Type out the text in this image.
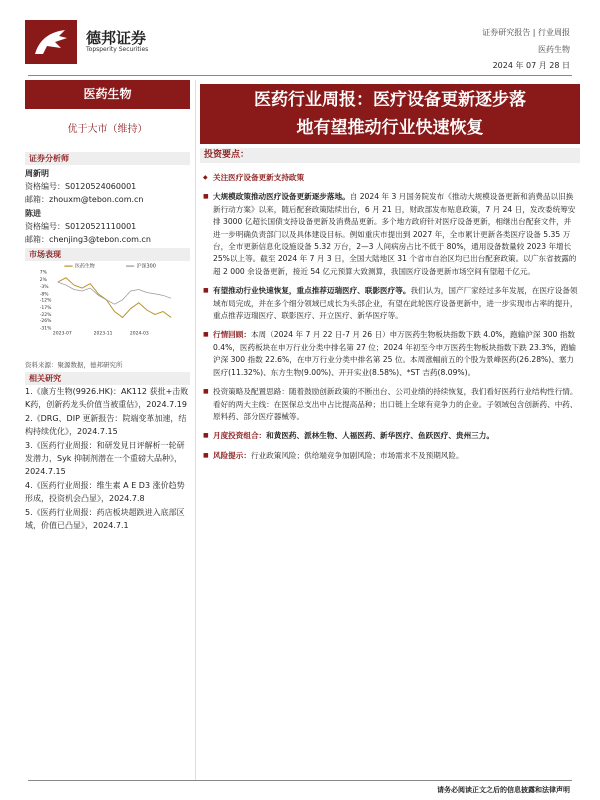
德邦证券
Topsperity Securities
证券研究报告 | 行业周报
医药生物
2024 年 07 月 28 日
医药生物
优于大市（维持）
证券分析师
周新明
资格编号：S0120524060001
邮箱：zhouxm@tebon.com.cn
陈进
资格编号：S0120521110001
邮箱：chenjing3@tebon.com.cn
市场表现
7%
2%
-3%
-8%
-12%
-17%
-22%
-26%
-31%
2023-07	2023-11	2024-03
医药生物	沪深300
资料来源：聚源数据，德邦研究所
相关研究
1.《康方生物(9926.HK)：AK112 获批+击败K药，创新药龙头价值当被重估》，2024.7.19
2.《DRG、DIP 更新报告：院端变革加速，结构持续优化》，2024.7.15
3.《医药行业周报：和研发見日评解析一轮研发潜力，Syk 抑制剂潜在一个重磅大品种》，2024.7.15
4.《医药行业周报：维生素 A E D3 涨价趋势形成，投资机会凸显》，2024.7.8
5.《医药行业周报：药店板块超跌进入底部区域，价值已凸显》，2024.7.1
医药行业周报：医疗设备更新逐步落
地有望推动行业快速恢复
投资要点：
◆ 关注医疗设备更新支持政策
■ 大规模政策推动医疗设备更新逐步落地。自 2024 年 3 月国务院发布《推动大规模设备更新和消费品以旧换新行动方案》以来，随后配套政策陆续出台，6 月 21 日，财政部发布贴息政策，7 月 24 日，发改委统筹安排 3000 亿超长国债支持设备更新及消费品更新。多个地方政府针对医疗设备更新，相继出台配套文件，并进一步明确负责部门以及具体建设目标。例如重庆市提出到 2027 年，全市累计更新各类医疗设备 5.35 万台，全市更新信息化设施设备 5.32 万台，2—3 人间病房占比不低于 80%，通用设备数量较 2023 年增长 25%以上等。截至 2024 年 7 月 3 日，全国大陆地区 31 个省市自治区均已出台配套政策。以广东省披露的超 2 000 余设备更新，接近 54 亿元预算大致测算，我国医疗设备更新市场空间有望超千亿元。
■ 有望推动行业快速恢复，重点推荐迈瑞医疗、联影医疗等。我们认为，国产厂家经过多年发展，在医疗设备领域布局完成，并在多个细分领域已成长为头部企业，有望在此轮医疗设备更新中，进一步实现市占率的提升，重点推荐迈瑞医疗、联影医疗、开立医疗、新华医疗等。
■ 行情回顾：本周（2024 年 7 月 22 日-7 月 26 日）申万医药生物板块指数下跌 4.0%，跑输沪深 300 指数 0.4%，医药板块在申万行业分类中排名第 27 位；2024 年初至今申万医药生物板块指数下跌 23.3%，跑输沪深 300 指数 22.6%，在申万行业分类中排名第 25 位。本周涨幅前五的个股为景峰医药(26.28%)、塞力医疗(11.32%)、东方生物(9.00%)、开开实业(8.58%)、*ST 吉药(8.09%)。
■ 投资策略及配置思路：随着鼓励创新政策的不断出台、公司业绩的持续恢复，我们看好医药行业结构性行情。看好的两大主线：在医保总支出中占比提高品种；出口链上全球有竞争力的企业。子领域包含创新药、中药、原料药、部分医疗器械等。
■ 月度投资组合：和黄医药、派林生物、人福医药、新华医疗、鱼跃医疗、贵州三力。
■ 风险提示：行业政策风险；供给端竞争加剧风险；市场需求不及预期风险。
请务必阅读正文之后的信息披露和法律声明
